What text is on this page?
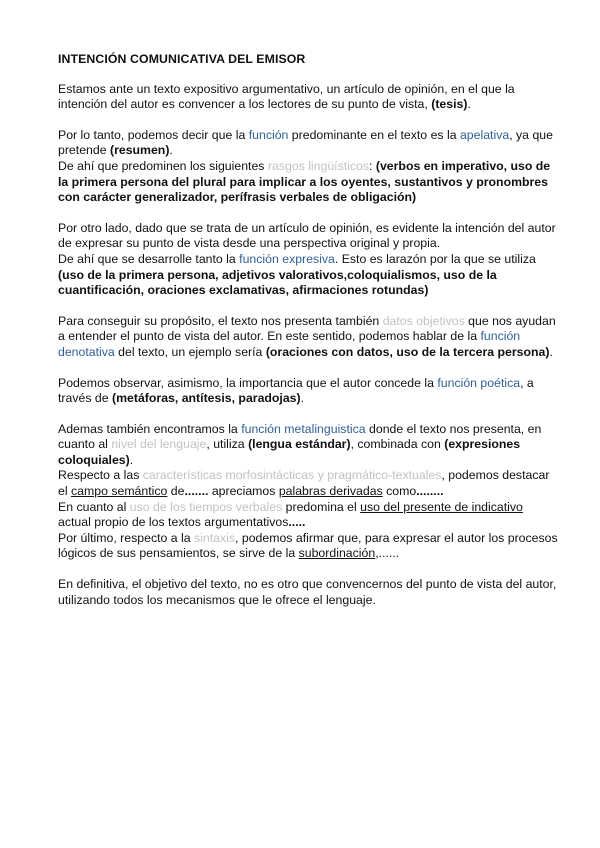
INTENCIÓN COMUNICATIVA DEL EMISOR

Estamos ante un texto expositivo argumentativo, un artículo de opinión, en el que la intención del autor es convencer a los lectores de su punto de vista, (tesis).

Por lo tanto, podemos decir que la función predominante en el texto es la apelativa, ya que pretende (resumen).

De ahí que predominen los siguientes rasgos lingüísticos: (verbos en imperativo, uso de la primera persona del plural para implicar a los oyentes, sustantivos y pronombres con carácter generalizador, perífrasis verbales de obligación)

Por otro lado, dado que se trata de un artículo de opinión, es evidente la intención del autor de expresar su punto de vista desde una perspectiva original y propia.

De ahí que se desarrolle tanto la función expresiva. Esto es larazón por la que se utiliza (uso de la primera persona, adjetivos valorativos,coloquialismos, uso de la cuantificación, oraciones exclamativas, afirmaciones rotundas)

Para conseguir su propósito, el texto nos presenta también datos objetivos que nos ayudan a entender el punto de vista del autor. En este sentido, podemos hablar de la función denotativa del texto, un ejemplo sería (oraciones con datos, uso de la tercera persona).

Podemos observar, asimismo, la importancia que el autor concede la función poética, a través de (metáforas, antítesis, paradojas).

Ademas también encontramos la función metalinguistica donde el texto nos presenta, en cuanto al nivel del lenguaje, utiliza (lengua estándar), combinada con (expresiones coloquiales).

Respecto a las características morfosintácticas y pragmático-textuales, podemos destacar el campo semántico de....... apreciamos palabras derivadas como........

En cuanto al uso de los tiempos verbales predomina el uso del presente de indicativo actual propio de los textos argumentativos.....

Por último, respecto a la sintaxis, podemos afirmar que, para expresar el autor los procesos lógicos de sus pensamientos, se sirve de la subordinación,......

En definitiva, el objetivo del texto, no es otro que convencernos del punto de vista del autor, utilizando todos los mecanismos que le ofrece el lenguaje.
